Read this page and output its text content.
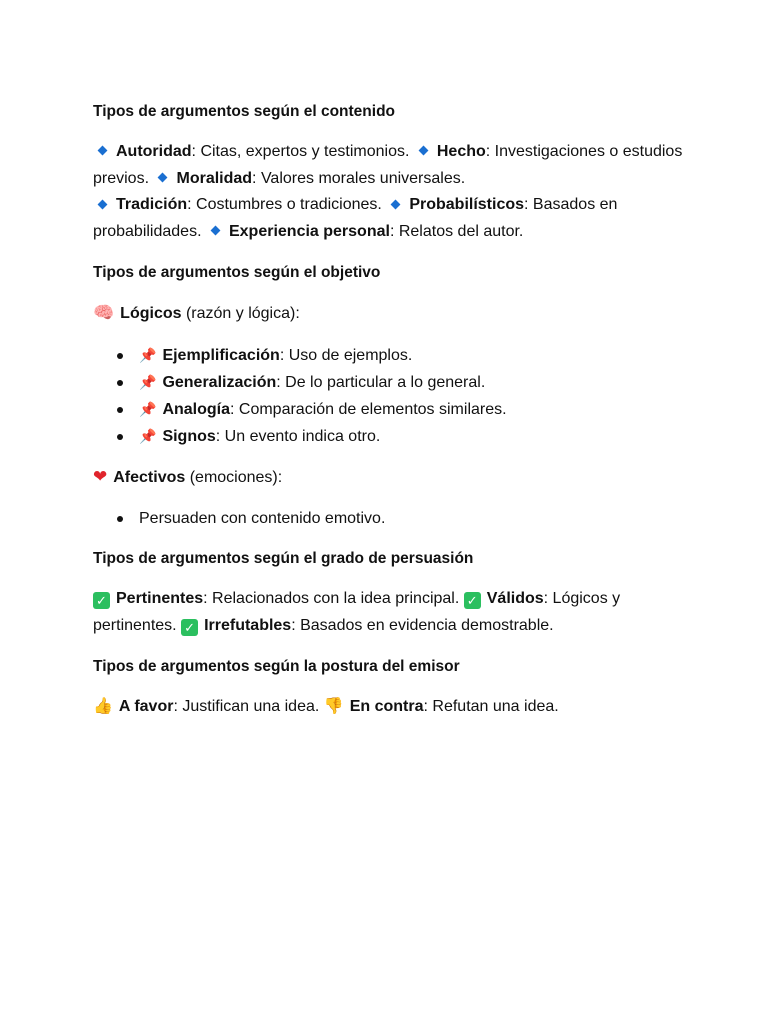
Tipos de argumentos según el contenido

Autoridad: Citas, expertos y testimonios. Hecho: Investigaciones o estudios previos. Moralidad: Valores morales universales.
Tradición: Costumbres o tradiciones. Probabilísticos: Basados en probabilidades. Experiencia personal: Relatos del autor.

Tipos de argumentos según el objetivo

🧠 Lógicos (razón y lógica):

📌 Ejemplificación: Uso de ejemplos.
📌 Generalización: De lo particular a lo general.
📌 Analogía: Comparación de elementos similares.
📌 Signos: Un evento indica otro.

❤ Afectivos (emociones):

Persuaden con contenido emotivo.
Tipos de argumentos según el grado de persuasión

✓ Pertinentes: Relacionados con la idea principal. ✓ Válidos: Lógicos y pertinentes. ✓ Irrefutables: Basados en evidencia demostrable.

Tipos de argumentos según la postura del emisor

👍 A favor: Justifican una idea. 👎 En contra: Refutan una idea.
